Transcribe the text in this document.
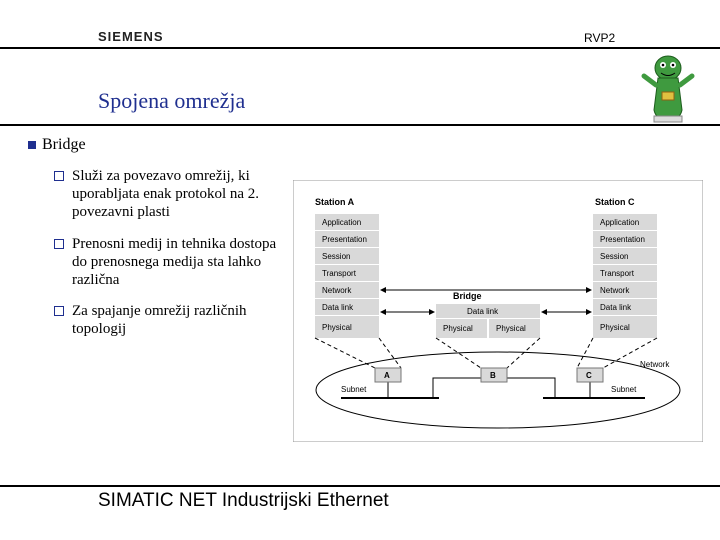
SIEMENS	RVP2
Spojena omrežja
Bridge
Služi za povezavo omrežij, ki uporabljata enak protokol na 2. povezavni plasti
Prenosni medij in tehnika dostopa do prenosnega medija sta lahko različna
Za spajanje omrežij različnih topologij
Station A	Station C
Application
Presentation
Session
Transport
Network
Data link
Physical
Application
Presentation
Session
Transport
Network
Data link
Physical
Bridge
Data link
Physical	Physical
Network
A	B	C
Subnet	Subnet
SIMATIC NET Industrijski Ethernet
